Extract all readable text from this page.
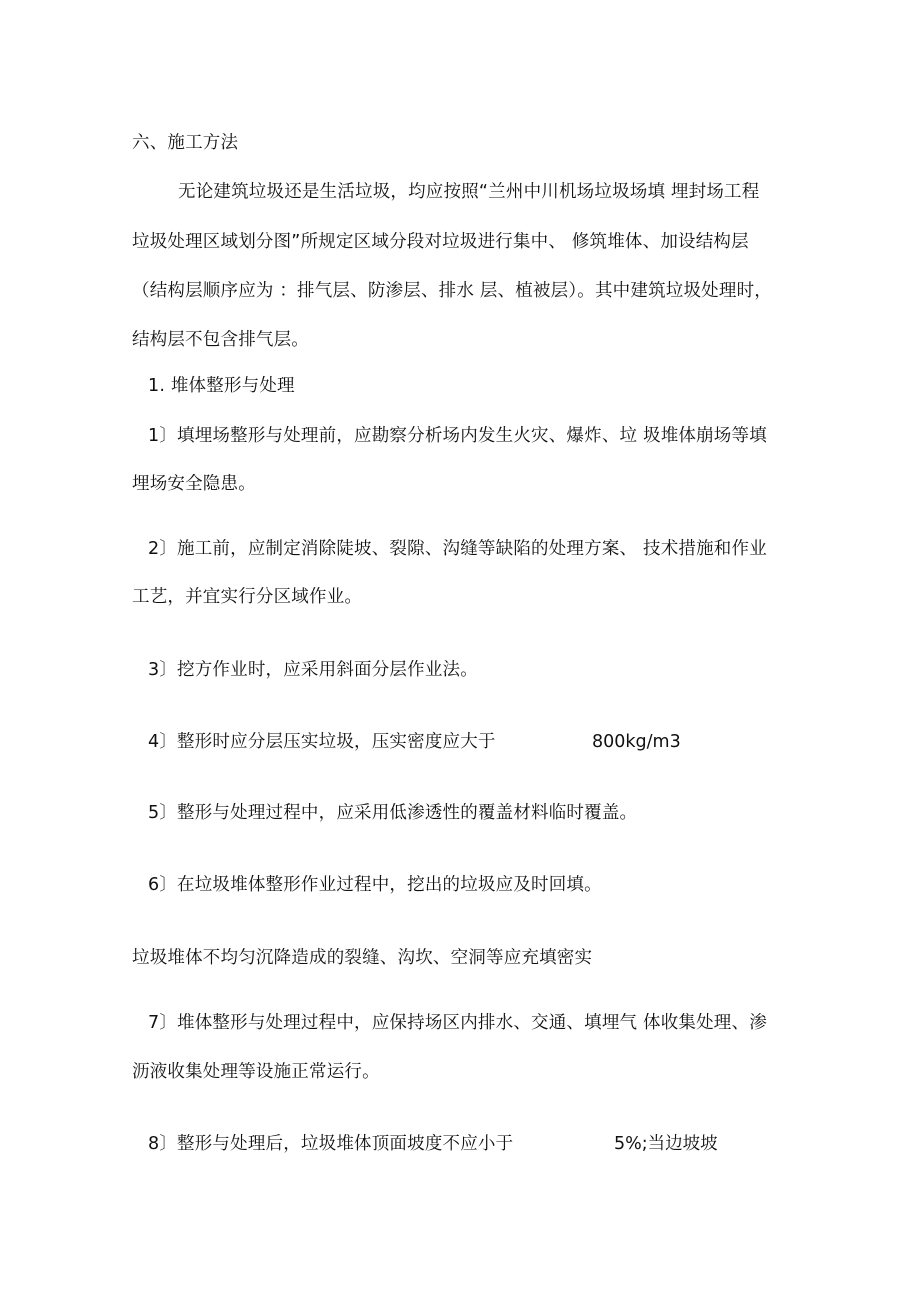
六、施工方法
无论建筑垃圾还是生活垃圾，均应按照“兰州中川机场垃圾场填 埋封场工程
垃圾处理区域划分图”所规定区域分段对垃圾进行集中、 修筑堆体、加设结构层
（结构层顺序应为 ：排气层、防渗层、排水 层、植被层）。其中建筑垃圾处理时，
结构层不包含排气层。
1. 堆体整形与处理
1〕填埋场整形与处理前，应勘察分析场内发生火灾、爆炸、垃 圾堆体崩场等填
埋场安全隐患。
2〕施工前，应制定消除陡坡、裂隙、沟缝等缺陷的处理方案、 技术措施和作业
工艺，并宜实行分区域作业。
3〕挖方作业时，应采用斜面分层作业法。
4〕整形时应分层压实垃圾，压实密度应大于	800kg/m3
5〕整形与处理过程中，应采用低渗透性的覆盖材料临时覆盖。
6〕在垃圾堆体整形作业过程中，挖出的垃圾应及时回填。
垃圾堆体不均匀沉降造成的裂缝、沟坎、空洞等应充填密实
7〕堆体整形与处理过程中，应保持场区内排水、交通、填埋气 体收集处理、渗
沥液收集处理等设施正常运行。
8〕整形与处理后，垃圾堆体顶面坡度不应小于	5%;当边坡坡
